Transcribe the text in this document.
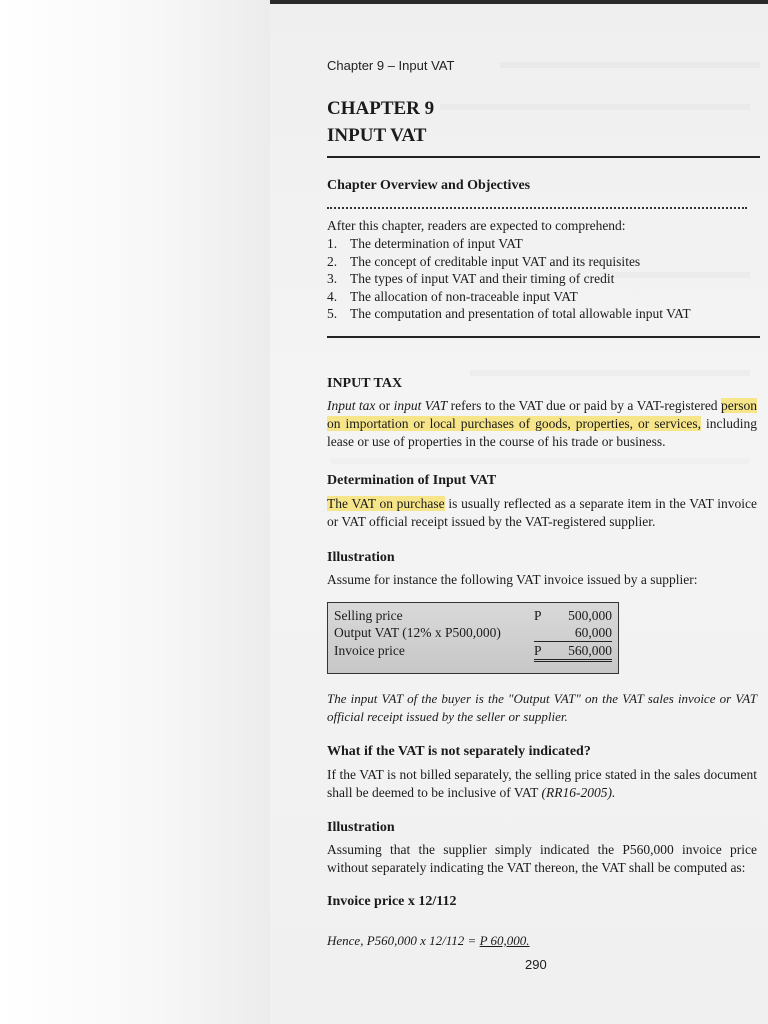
Chapter 9 – Input VAT
CHAPTER 9
INPUT VAT
Chapter Overview and Objectives
After this chapter, readers are expected to comprehend:
1. The determination of input VAT
2. The concept of creditable input VAT and its requisites
3. The types of input VAT and their timing of credit
4. The allocation of non-traceable input VAT
5. The computation and presentation of total allowable input VAT
INPUT TAX
Input tax or input VAT refers to the VAT due or paid by a VAT-registered person on importation or local purchases of goods, properties, or services, including lease or use of properties in the course of his trade or business.
Determination of Input VAT
The VAT on purchase is usually reflected as a separate item in the VAT invoice or VAT official receipt issued by the VAT-registered supplier.
Illustration
Assume for instance the following VAT invoice issued by a supplier:
Selling price	P 500,000
Output VAT (12% x P500,000)	60,000
Invoice price	P 560,000
The input VAT of the buyer is the "Output VAT" on the VAT sales invoice or VAT official receipt issued by the seller or supplier.
What if the VAT is not separately indicated?
If the VAT is not billed separately, the selling price stated in the sales document shall be deemed to be inclusive of VAT (RR16-2005).
Illustration
Assuming that the supplier simply indicated the P560,000 invoice price without separately indicating the VAT thereon, the VAT shall be computed as:
Invoice price x 12/112
Hence, P560,000 x 12/112 = P 60,000.
290
